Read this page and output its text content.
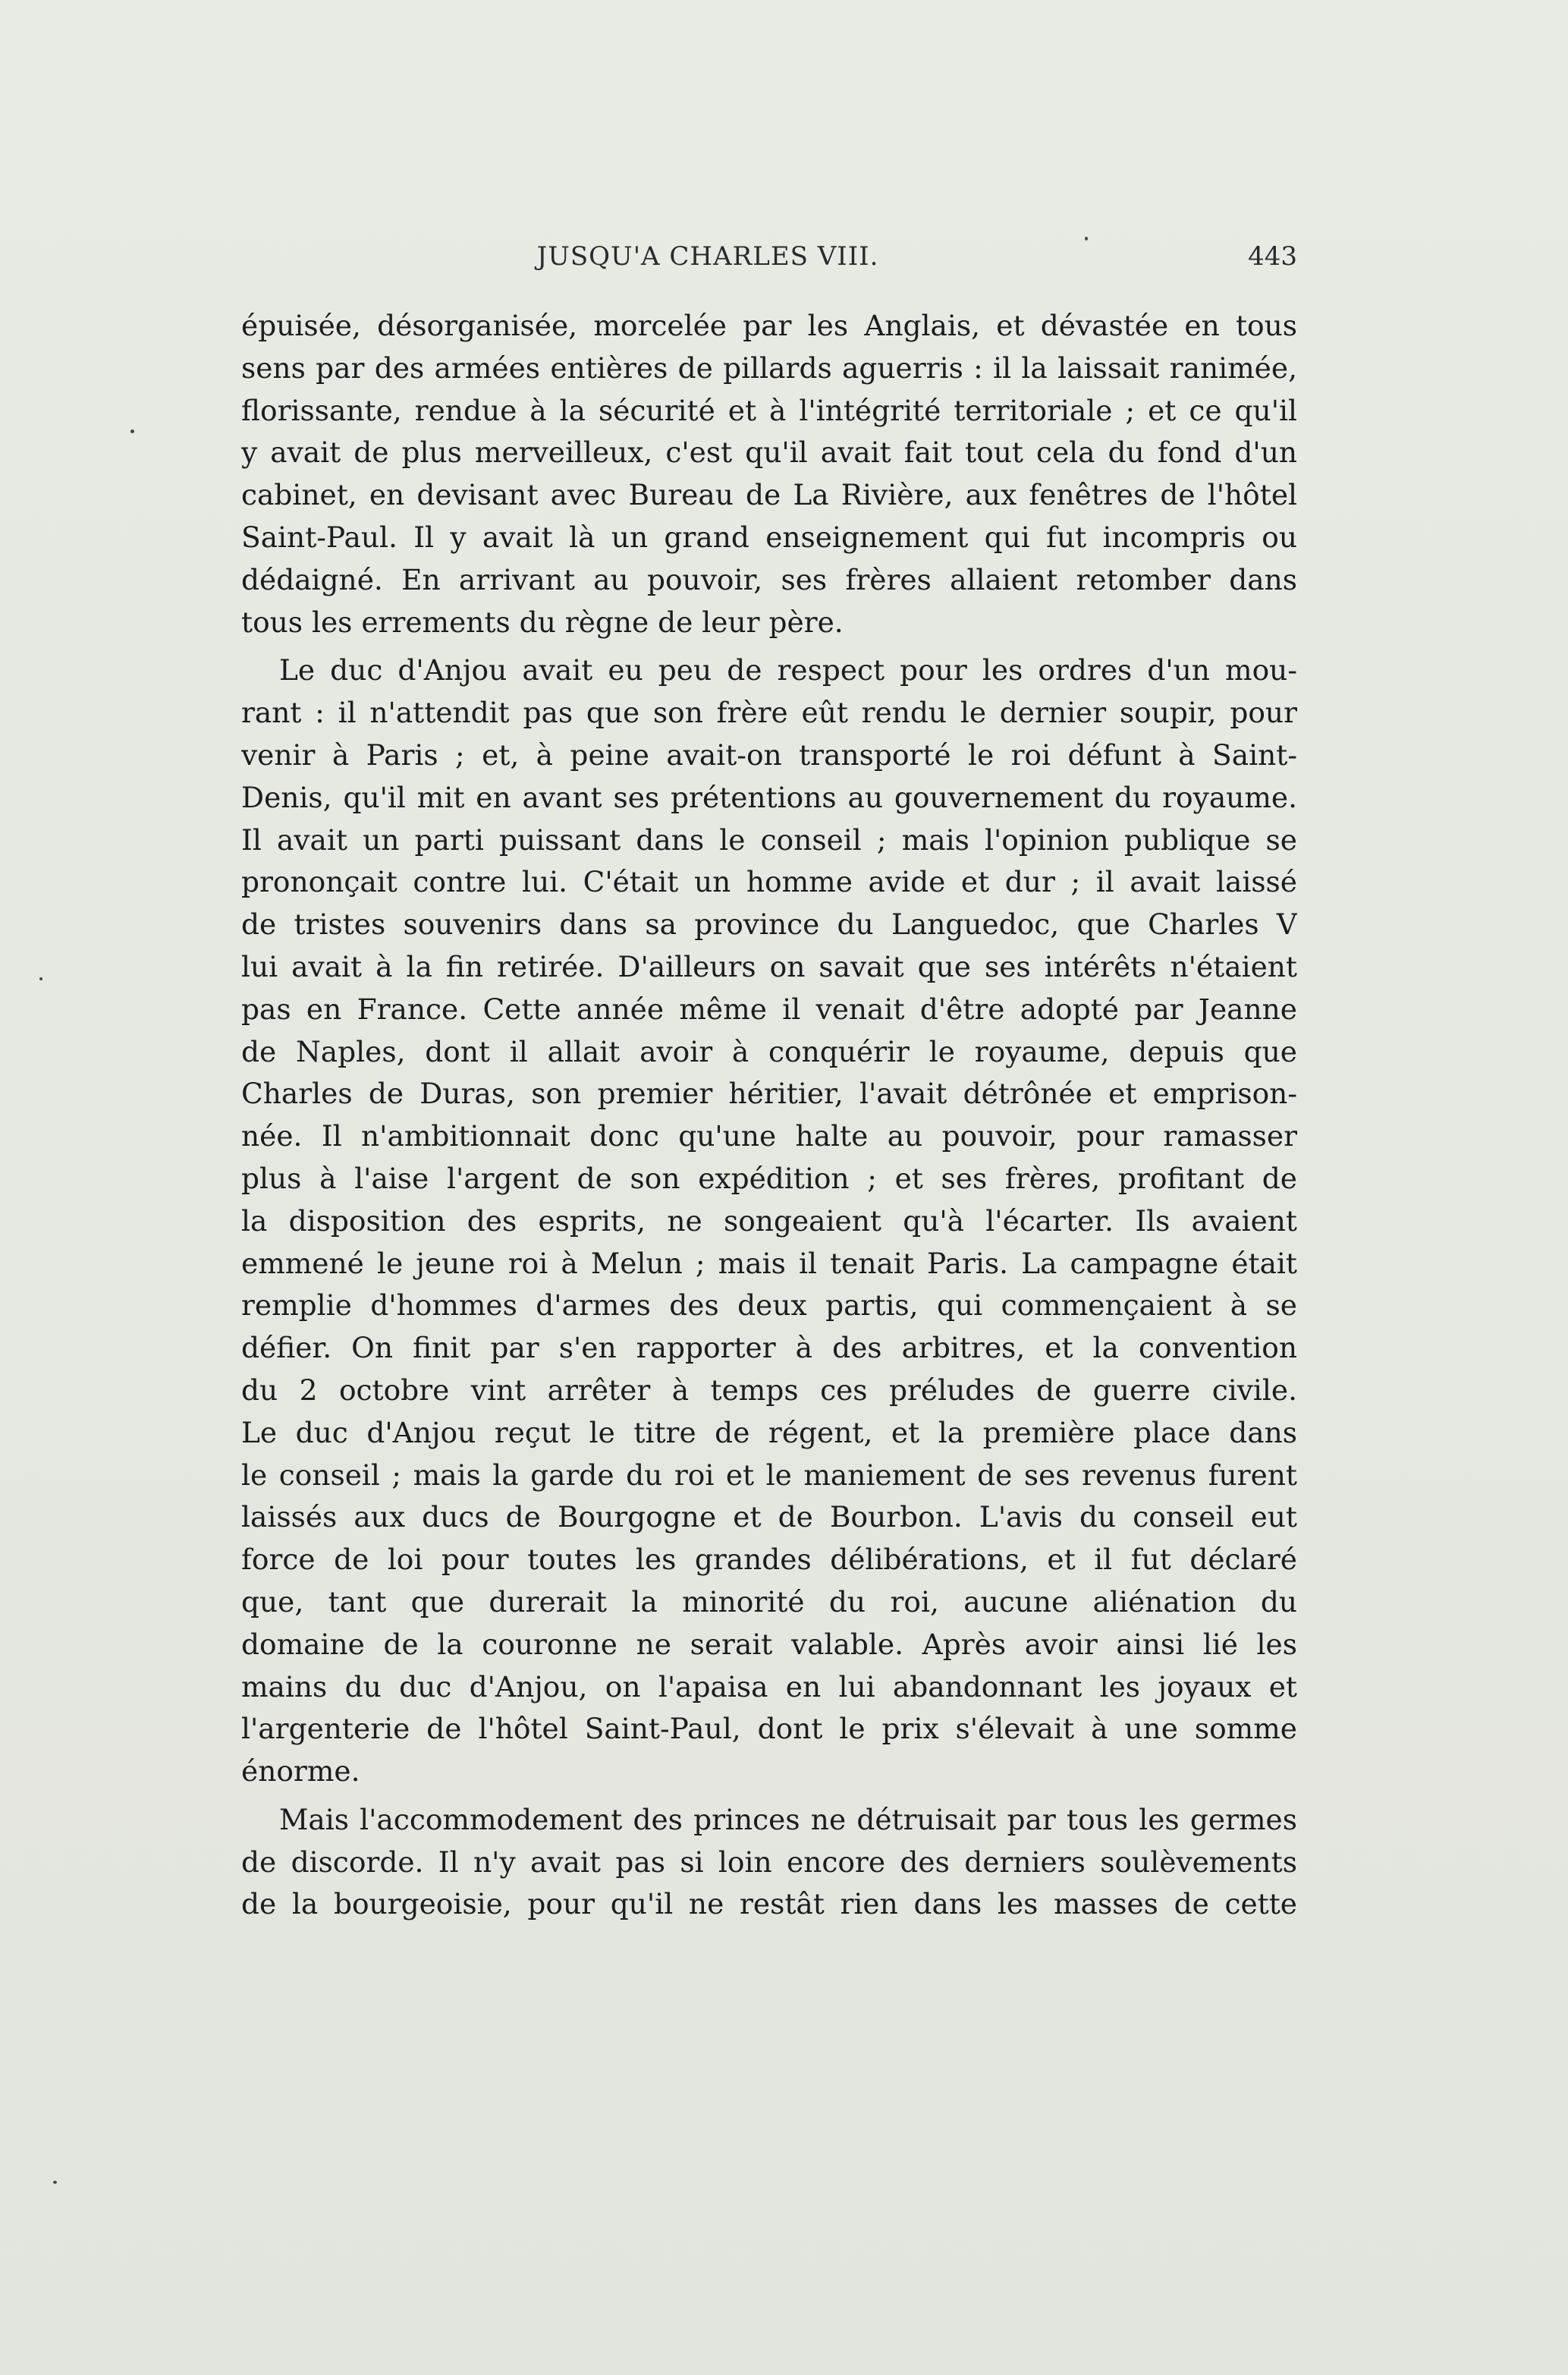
JUSQU'A CHARLES VIII.	443
épuisée, désorganisée, morcelée par les Anglais, et dévastée en tous
sens par des armées entières de pillards aguerris : il la laissait ranimée,
florissante, rendue à la sécurité et à l'intégrité territoriale ; et ce qu'il
y avait de plus merveilleux, c'est qu'il avait fait tout cela du fond d'un
cabinet, en devisant avec Bureau de La Rivière, aux fenêtres de l'hôtel
Saint-Paul. Il y avait là un grand enseignement qui fut incompris ou
dédaigné. En arrivant au pouvoir, ses frères allaient retomber dans
tous les errements du règne de leur père.
Le duc d'Anjou avait eu peu de respect pour les ordres d'un mou-
rant : il n'attendit pas que son frère eût rendu le dernier soupir, pour
venir à Paris ; et, à peine avait-on transporté le roi défunt à Saint-
Denis, qu'il mit en avant ses prétentions au gouvernement du royaume.
Il avait un parti puissant dans le conseil ; mais l'opinion publique se
prononçait contre lui. C'était un homme avide et dur ; il avait laissé
de tristes souvenirs dans sa province du Languedoc, que Charles V
lui avait à la fin retirée. D'ailleurs on savait que ses intérêts n'étaient
pas en France. Cette année même il venait d'être adopté par Jeanne
de Naples, dont il allait avoir à conquérir le royaume, depuis que
Charles de Duras, son premier héritier, l'avait détrônée et emprison-
née. Il n'ambitionnait donc qu'une halte au pouvoir, pour ramasser
plus à l'aise l'argent de son expédition ; et ses frères, profitant de
la disposition des esprits, ne songeaient qu'à l'écarter. Ils avaient
emmené le jeune roi à Melun ; mais il tenait Paris. La campagne était
remplie d'hommes d'armes des deux partis, qui commençaient à se
défier. On finit par s'en rapporter à des arbitres, et la convention
du 2 octobre vint arrêter à temps ces préludes de guerre civile.
Le duc d'Anjou reçut le titre de régent, et la première place dans
le conseil ; mais la garde du roi et le maniement de ses revenus furent
laissés aux ducs de Bourgogne et de Bourbon. L'avis du conseil eut
force de loi pour toutes les grandes délibérations, et il fut déclaré
que, tant que durerait la minorité du roi, aucune aliénation du
domaine de la couronne ne serait valable. Après avoir ainsi lié les
mains du duc d'Anjou, on l'apaisa en lui abandonnant les joyaux et
l'argenterie de l'hôtel Saint-Paul, dont le prix s'élevait à une somme
énorme.
Mais l'accommodement des princes ne détruisait par tous les germes
de discorde. Il n'y avait pas si loin encore des derniers soulèvements
de la bourgeoisie, pour qu'il ne restât rien dans les masses de cette
